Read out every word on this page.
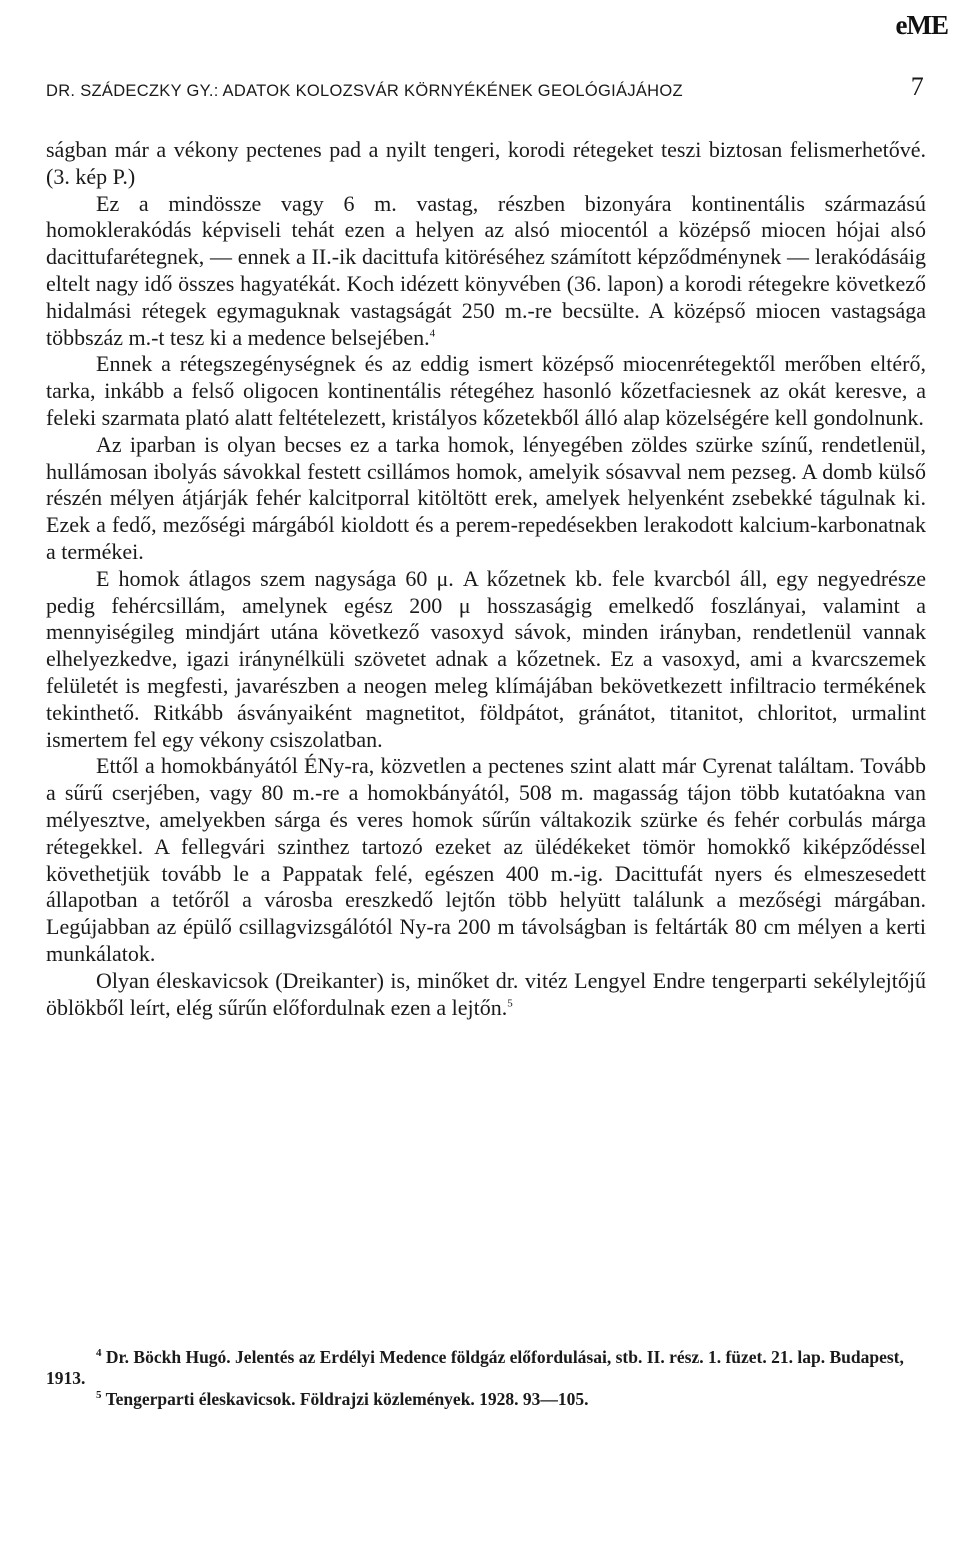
eME
DR. SZÁDECZKY GY.: ADATOK KOLOZSVÁR KÖRNYÉKÉNEK GEOLÓGIÁJÁHOZ	7

ságban már a vékony pectenes pad a nyilt tengeri, korodi rétegeket teszi biztosan felismerhetővé. (3. kép P.)

Ez a mindössze vagy 6 m. vastag, részben bizonyára kontinentális származású homoklerakódás képviseli tehát ezen a helyen az alsó miocentól a középső miocen hójai alsó dacittufarétegnek, — ennek a II.-ik dacittufa kitöréséhez számított képződménynek — lerakódásáig eltelt nagy idő összes hagyatékát. Koch idézett könyvében (36. lapon) a korodi rétegekre következő hidalmási rétegek egymaguknak vastagságát 250 m.-re becsülte. A középső miocen vastagsága többszáz m.-t tesz ki a medence belsejében.$^4$

Ennek a rétegszegénységnek és az eddig ismert középső miocenrétegektől merőben eltérő, tarka, inkább a felső oligocen kontinentális rétegéhez hasonló kőzetfaciesnek az okát keresve, a feleki szarmata plató alatt feltételezett, kristályos kőzetekből álló alap közelségére kell gondolnunk.

Az iparban is olyan becses ez a tarka homok, lényegében zöldes szürke színű, rendetlenül, hullámosan ibolyás sávokkal festett csillámos homok, amelyik sósavval nem pezseg. A domb külső részén mélyen átjárják fehér kalcitporral kitöltött erek, amelyek helyenként zsebekké tágulnak ki. Ezek a fedő, mezőségi márgából kioldott és a perem-repedésekben lerakodott kalcium-karbonatnak a termékei.

E homok átlagos szem nagysága 60 μ. A kőzetnek kb. fele kvarcból áll, egy negyedrésze pedig fehércsillám, amelynek egész 200 μ hosszaságig emelkedő foszlányai, valamint a mennyiségileg mindjárt utána következő vasoxyd sávok, minden irányban, rendetlenül vannak elhelyezkedve, igazi iránynélküli szövetet adnak a kőzetnek. Ez a vasoxyd, ami a kvarcszemek felületét is megfesti, javarészben a neogen meleg klímájában bekövetkezett infiltracio termékének tekinthető. Ritkább ásványaiként magnetitot, földpátot, gránátot, titanitot, chloritot, urmalint ismertem fel egy vékony csiszolatban.

Ettől a homokbányától ÉNy-ra, közvetlen a pectenes szint alatt már Cyrenat találtam. Tovább a sűrű cserjében, vagy 80 m.-re a homokbányától, 508 m. magasság tájon több kutatóakna van mélyesztve, amelyekben sárga és veres homok sűrűn váltakozik szürke és fehér corbulás márga rétegekkel. A fellegvári szinthez tartozó ezeket az ülédékeket tömör homokkő kiképződéssel követhetjük tovább le a Pappatak felé, egészen 400 m.-ig. Dacittufát nyers és elmeszesedett állapotban a tetőről a városba ereszkedő lejtőn több helyütt találunk a mezőségi márgában. Legújabban az épülő csillagvizsgálótól Ny-ra 200 m távolságban is feltárták 80 cm mélyen a kerti munkálatok.

Olyan éleskavicsok (Dreikanter) is, minőket dr. vitéz Lengyel Endre tengerparti sekélylejtőjű öblökből leírt, elég sűrűn előfordulnak ezen a lejtőn.$^5$

$^4$ Dr. Böckh Hugó. Jelentés az Erdélyi Medence földgáz előfordulásai, stb. II. rész. 1. füzet. 21. lap. Budapest, 1913.

$^5$ Tengerparti éleskavicsok. Földrajzi közlemények. 1928. 93—105.
